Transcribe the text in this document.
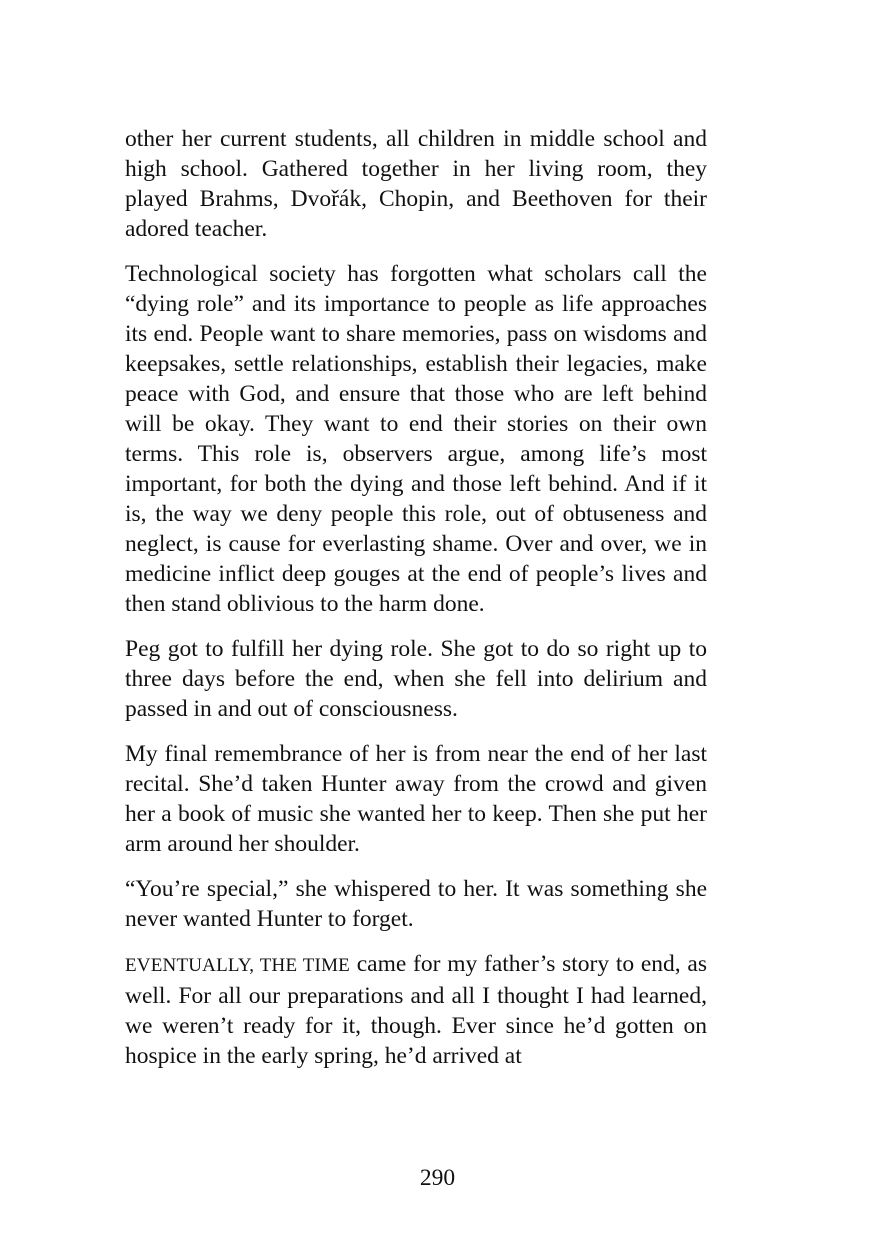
other her current students, all children in middle school and high school. Gathered together in her living room, they played Brahms, Dvořák, Chopin, and Beethoven for their adored teacher.

Technological society has forgotten what scholars call the “dying role” and its importance to people as life approaches its end. People want to share memories, pass on wisdoms and keepsakes, settle relationships, establish their legacies, make peace with God, and ensure that those who are left behind will be okay. They want to end their stories on their own terms. This role is, observers argue, among life’s most important, for both the dying and those left behind. And if it is, the way we deny people this role, out of obtuseness and neglect, is cause for everlasting shame. Over and over, we in medicine inflict deep gouges at the end of people’s lives and then stand oblivious to the harm done.

Peg got to fulfill her dying role. She got to do so right up to three days before the end, when she fell into delirium and passed in and out of consciousness.

My final remembrance of her is from near the end of her last recital. She’d taken Hunter away from the crowd and given her a book of music she wanted her to keep. Then she put her arm around her shoulder.

“You’re special,” she whispered to her. It was something she never wanted Hunter to forget.

EVENTUALLY, THE TIME came for my father’s story to end, as well. For all our preparations and all I thought I had learned, we weren’t ready for it, though. Ever since he’d gotten on hospice in the early spring, he’d arrived at

290
